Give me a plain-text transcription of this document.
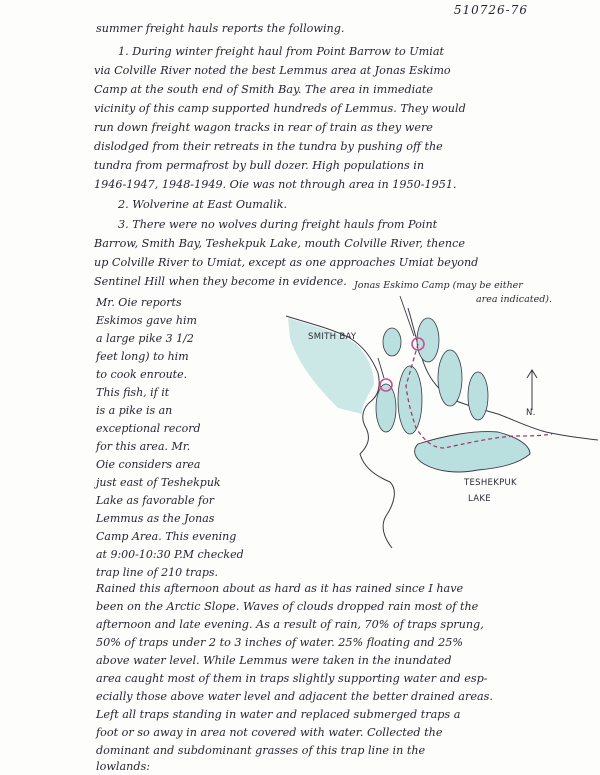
510726-76
summer freight hauls reports the following.
1. During winter freight haul from Point Barrow to Umiat
via Colville River noted the best Lemmus area at Jonas Eskimo
Camp at the south end of Smith Bay. The area in immediate
vicinity of this camp supported hundreds of Lemmus. They would
run down freight wagon tracks in rear of train as they were
dislodged from their retreats in the tundra by pushing off the
tundra from permafrost by bull dozer. High populations in
1946-1947, 1948-1949. Oie was not through area in 1950-1951.
2. Wolverine at East Oumalik.
3. There were no wolves during freight hauls from Point
Barrow, Smith Bay, Teshekpuk Lake, mouth Colville River, thence
up Colville River to Umiat, except as one approaches Umiat beyond
Sentinel Hill when they become in evidence.
Mr. Oie reports
Eskimos gave him
a large pike 3 1/2
feet long) to him
to cook enroute.
This fish, if it
is a pike is an
exceptional record
for this area. Mr.
Oie considers area
just east of Teshekpuk
Lake as favorable for
Lemmus as the Jonas
Camp Area. This evening
at 9:00-10:30 P.M checked
trap line of 210 traps.
Jonas Eskimo Camp (may be either
area indicated).
SMITH BAY
N.
TESHEKPUK
LAKE
Rained this afternoon about as hard as it has rained since I have
been on the Arctic Slope. Waves of clouds dropped rain most of the
afternoon and late evening. As a result of rain, 70% of traps sprung,
50% of traps under 2 to 3 inches of water. 25% floating and 25%
above water level. While Lemmus were taken in the inundated
area caught most of them in traps slightly supporting water and esp-
ecially those above water level and adjacent the better drained areas.
Left all traps standing in water and replaced submerged traps a
foot or so away in area not covered with water. Collected the
dominant and subdominant grasses of this trap line in the
lowlands:
